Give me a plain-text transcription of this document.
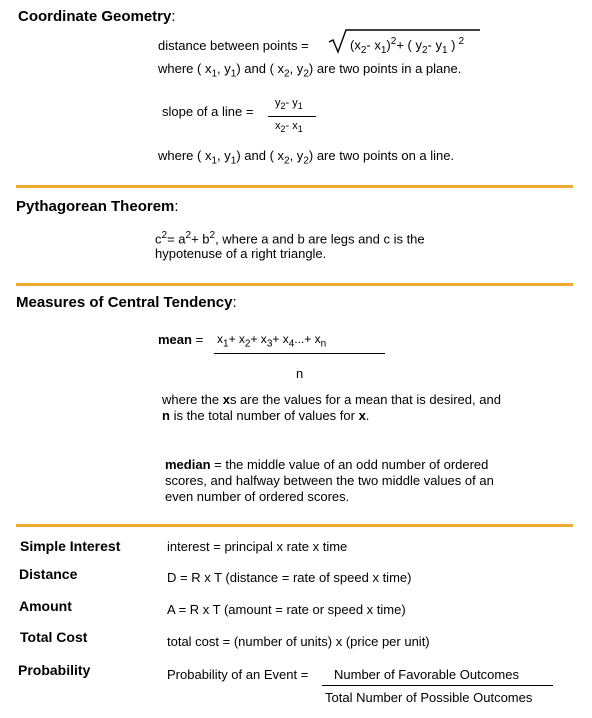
Coordinate Geometry:
distance between points =	($x_2-$ $x_1)^2+$ ( $y_2-$ $y_1$ ) $^2$
where ( $x_1$, $y_1$) and ( $x_2$, $y_2$) are two points in a plane.
slope of a line =
$y_2-$ $y_1$
$x_2-$ $x_1$
where ( $x_1$, $y_1$) and ( $x_2$, $y_2$) are two points on a line.
Pythagorean Theorem:
$c^2= a^2+ b^2$, where a and b are legs and c is the
hypotenuse of a right triangle.
Measures of Central Tendency:
mean = $x_1+ x_2+ x_3+ x_4...+ x_n$
n
where the xs are the values for a mean that is desired, and
n is the total number of values for x.
median = the middle value of an odd number of ordered
scores, and halfway between the two middle values of an
even number of ordered scores.
Simple Interest	interest = principal x rate x time
Distance	D = R x T (distance = rate of speed x time)
Amount	A = R x T (amount = rate or speed x time)
Total Cost	total cost = (number of units) x (price per unit)
Probability	Probability of an Event = Number of Favorable Outcomes
Total Number of Possible Outcomes
